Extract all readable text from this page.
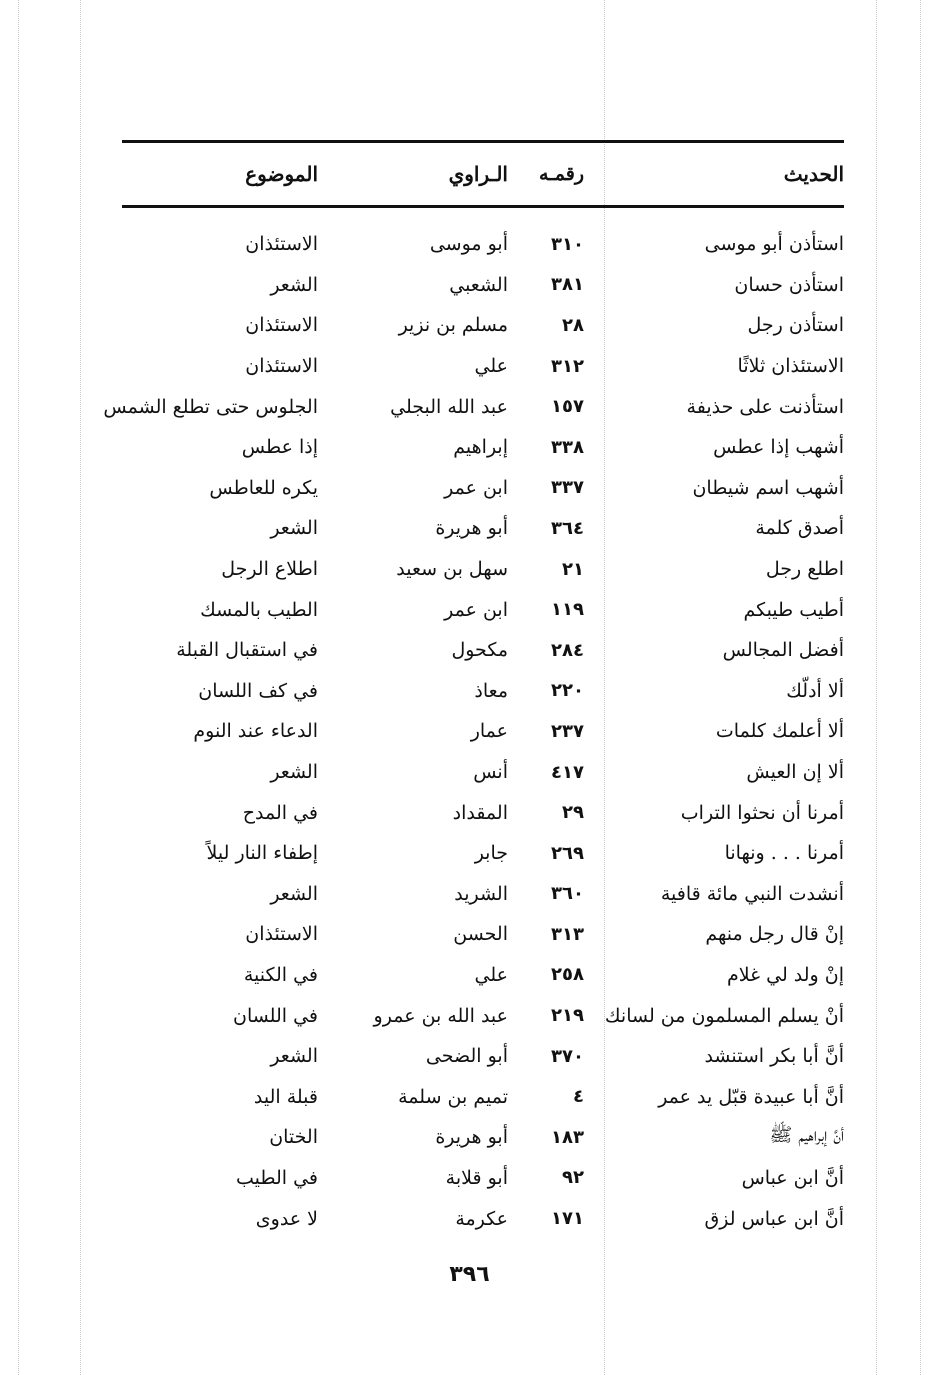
الحديث
رقمـه
الـراوي
الموضوع
استأذن أبو موسى
٣١٠
أبو موسى
الاستئذان
استأذن حسان
٣٨١
الشعبي
الشعر
استأذن رجل
٢٨
مسلم بن نزير
الاستئذان
الاستئذان ثلاثًا
٣١٢
علي
الاستئذان
استأذنت على حذيفة
١٥٧
عبد الله البجلي
الجلوس حتى تطلع الشمس
أشهب إذا عطس
٣٣٨
إبراهيم
إذا عطس
أشهب اسم شيطان
٣٣٧
ابن عمر
يكره للعاطس
أصدق كلمة
٣٦٤
أبو هريرة
الشعر
اطلع رجل
٢١
سهل بن سعيد
اطلاع الرجل
أطيب طيبكم
١١٩
ابن عمر
الطيب بالمسك
أفضل المجالس
٢٨٤
مكحول
في استقبال القبلة
ألا أدلّك
٢٢٠
معاذ
في كف اللسان
ألا أعلمك كلمات
٢٣٧
عمار
الدعاء عند النوم
ألا إن العيش
٤١٧
أنس
الشعر
أمرنا أن نحثوا التراب
٢٩
المقداد
في المدح
أمرنا . . . ونهانا
٢٦٩
جابر
إطفاء النار ليلاً
أنشدت النبي مائة قافية
٣٦٠
الشريد
الشعر
إنْ قال رجل منهم
٣١٣
الحسن
الاستئذان
إنْ ولد لي غلام
٢٥٨
علي
في الكنية
أنْ يسلم المسلمون من لسانك
٢١٩
عبد الله بن عمرو
في اللسان
أنَّ أبا بكر استنشد
٣٧٠
أبو الضحى
الشعر
أنَّ أبا عبيدة قبّل يد عمر
٤
تميم بن سلمة
قبلة اليد
أنَّ إبراهيم ﷺ
١٨٣
أبو هريرة
الختان
أنَّ ابن عباس
٩٢
أبو قلابة
في الطيب
أنَّ ابن عباس لزق
١٧١
عكرمة
لا عدوى
٣٩٦
